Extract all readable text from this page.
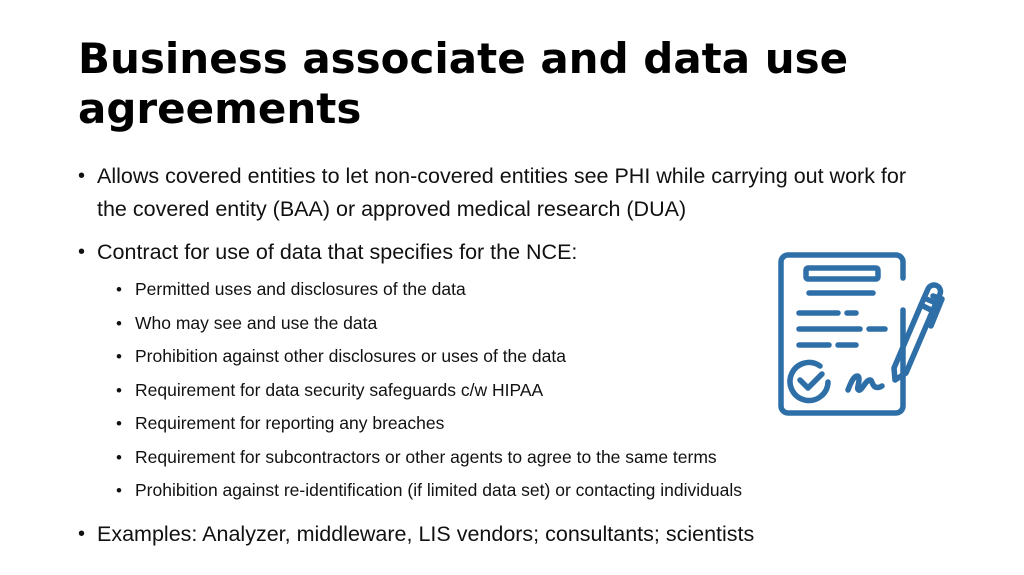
Business associate and data use agreements
• Allows covered entities to let non-covered entities see PHI while carrying out work for the covered entity (BAA) or approved medical research (DUA)
• Contract for use of data that specifies for the NCE:
• Permitted uses and disclosures of the data
• Who may see and use the data
• Prohibition against other disclosures or uses of the data
• Requirement for data security safeguards c/w HIPAA
• Requirement for reporting any breaches
• Requirement for subcontractors or other agents to agree to the same terms
• Prohibition against re-identification (if limited data set) or contacting individuals
• Examples: Analyzer, middleware, LIS vendors; consultants; scientists
